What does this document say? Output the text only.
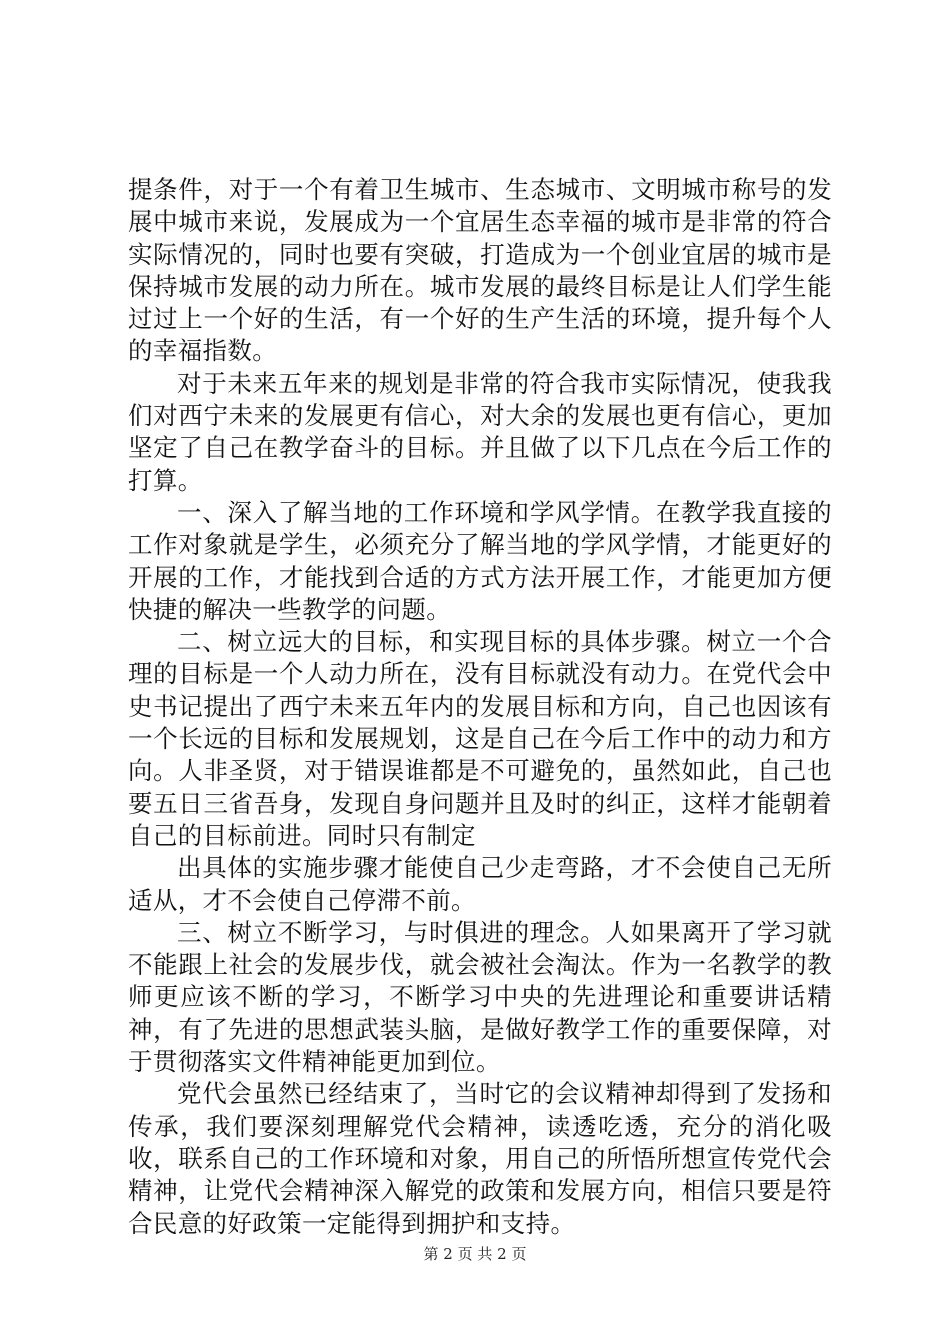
提条件，对于一个有着卫生城市、生态城市、文明城市称号的发展中城市来说，发展成为一个宜居生态幸福的城市是非常的符合实际情况的，同时也要有突破，打造成为一个创业宜居的城市是保持城市发展的动力所在。城市发展的最终目标是让人们学生能过过上一个好的生活，有一个好的生产生活的环境，提升每个人的幸福指数。

对于未来五年来的规划是非常的符合我市实际情况，使我我们对西宁未来的发展更有信心，对大余的发展也更有信心，更加坚定了自己在教学奋斗的目标。并且做了以下几点在今后工作的打算。

一、深入了解当地的工作环境和学风学情。在教学我直接的工作对象就是学生，必须充分了解当地的学风学情，才能更好的开展的工作，才能找到合适的方式方法开展工作，才能更加方便快捷的解决一些教学的问题。

二、树立远大的目标，和实现目标的具体步骤。树立一个合理的目标是一个人动力所在，没有目标就没有动力。在党代会中史书记提出了西宁未来五年内的发展目标和方向，自己也因该有一个长远的目标和发展规划，这是自己在今后工作中的动力和方向。人非圣贤，对于错误谁都是不可避免的，虽然如此，自己也要五日三省吾身，发现自身问题并且及时的纠正，这样才能朝着自己的目标前进。同时只有制定

出具体的实施步骤才能使自己少走弯路，才不会使自己无所适从，才不会使自己停滞不前。

三、树立不断学习，与时俱进的理念。人如果离开了学习就不能跟上社会的发展步伐，就会被社会淘汰。作为一名教学的教师更应该不断的学习，不断学习中央的先进理论和重要讲话精神，有了先进的思想武装头脑，是做好教学工作的重要保障，对于贯彻落实文件精神能更加到位。

党代会虽然已经结束了，当时它的会议精神却得到了发扬和传承，我们要深刻理解党代会精神，读透吃透，充分的消化吸收，联系自己的工作环境和对象，用自己的所悟所想宣传党代会精神，让党代会精神深入解党的政策和发展方向，相信只要是符合民意的好政策一定能得到拥护和支持。

第 2 页 共 2 页
